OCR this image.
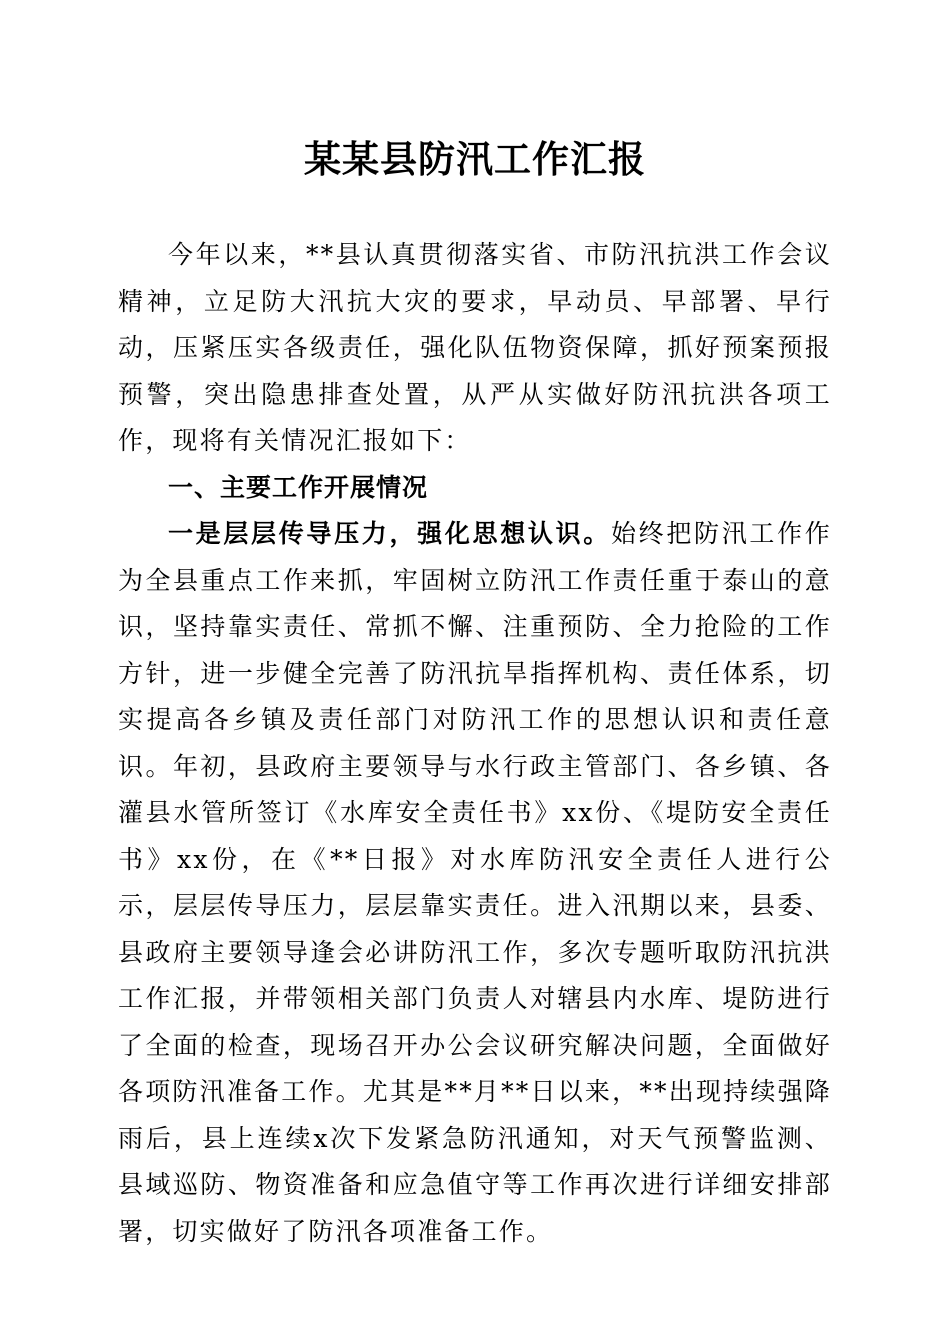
某某县防汛工作汇报

今年以来，**县认真贯彻落实省、市防汛抗洪工作会议精神，立足防大汛抗大灾的要求，早动员、早部署、早行动，压紧压实各级责任，强化队伍物资保障，抓好预案预报预警，突出隐患排查处置，从严从实做好防汛抗洪各项工作，现将有关情况汇报如下：

一、主要工作开展情况

一是层层传导压力，强化思想认识。始终把防汛工作作为全县重点工作来抓，牢固树立防汛工作责任重于泰山的意识，坚持靠实责任、常抓不懈、注重预防、全力抢险的工作方针，进一步健全完善了防汛抗旱指挥机构、责任体系，切实提高各乡镇及责任部门对防汛工作的思想认识和责任意识。年初，县政府主要领导与水行政主管部门、各乡镇、各灌县水管所签订《水库安全责任书》xx份、《堤防安全责任书》xx份，在《**日报》对水库防汛安全责任人进行公示，层层传导压力，层层靠实责任。进入汛期以来，县委、县政府主要领导逢会必讲防汛工作，多次专题听取防汛抗洪工作汇报，并带领相关部门负责人对辖县内水库、堤防进行了全面的检查，现场召开办公会议研究解决问题，全面做好各项防汛准备工作。尤其是**月**日以来，**出现持续强降雨后，县上连续x次下发紧急防汛通知，对天气预警监测、县域巡防、物资准备和应急值守等工作再次进行详细安排部署，切实做好了防汛各项准备工作。
